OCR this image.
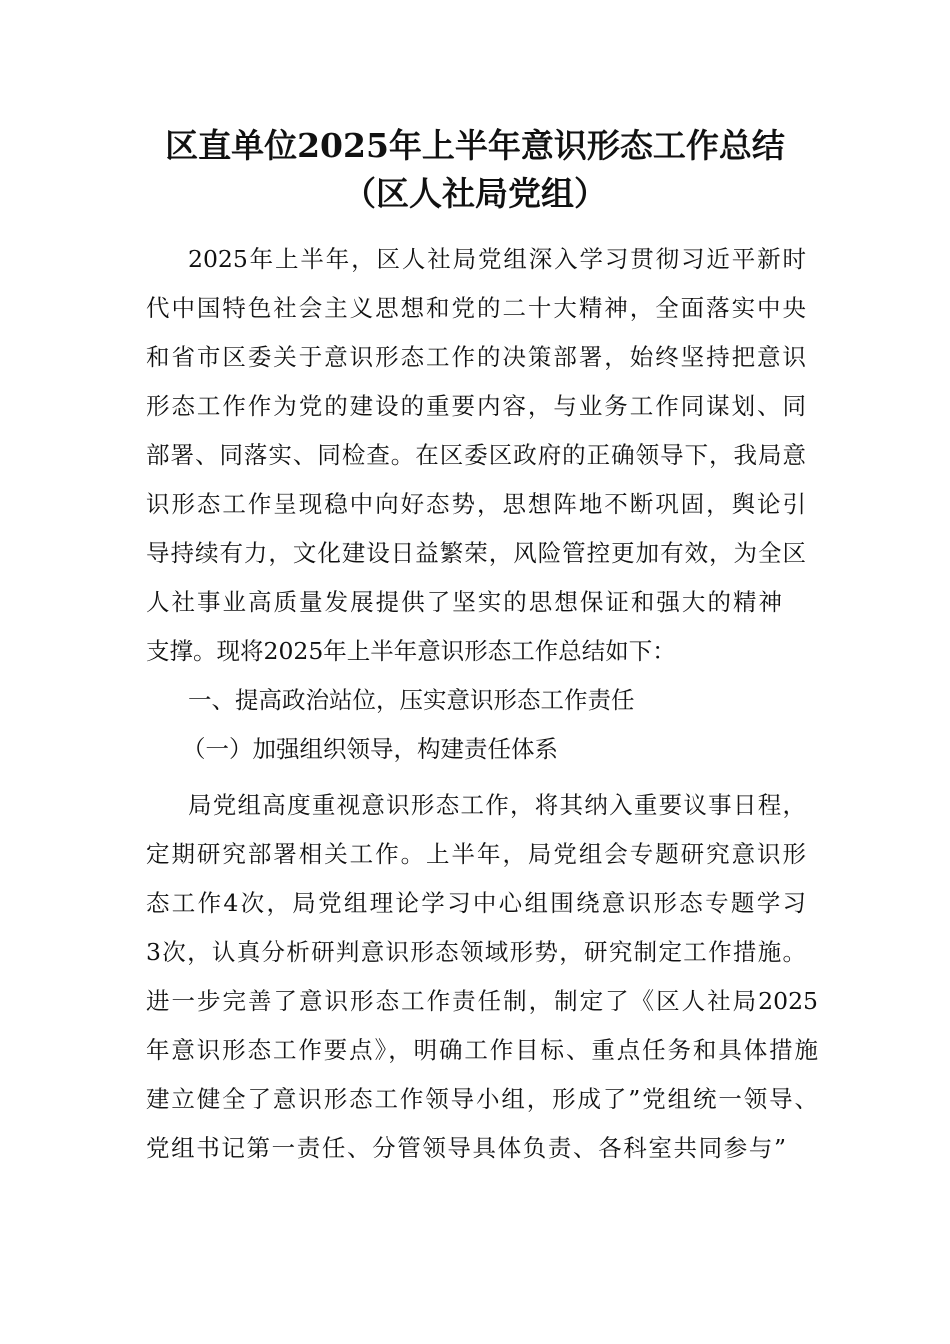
区直单位2025年上半年意识形态工作总结
（区人社局党组）
2025年上半年，区人社局党组深入学习贯彻习近平新时
代中国特色社会主义思想和党的二十大精神，全面落实中央
和省市区委关于意识形态工作的决策部署，始终坚持把意识
形态工作作为党的建设的重要内容，与业务工作同谋划、同
部署、同落实、同检查。在区委区政府的正确领导下，我局意
识形态工作呈现稳中向好态势，思想阵地不断巩固，舆论引
导持续有力，文化建设日益繁荣，风险管控更加有效，为全区
人社事业高质量发展提供了坚实的思想保证和强大的精神
支撑。现将2025年上半年意识形态工作总结如下：
一、提高政治站位，压实意识形态工作责任
（一）加强组织领导，构建责任体系
局党组高度重视意识形态工作，将其纳入重要议事日程，
定期研究部署相关工作。上半年，局党组会专题研究意识形
态工作4次，局党组理论学习中心组围绕意识形态专题学习
3次，认真分析研判意识形态领域形势，研究制定工作措施。
进一步完善了意识形态工作责任制，制定了《区人社局2025
年意识形态工作要点》，明确工作目标、重点任务和具体措施
建立健全了意识形态工作领导小组，形成了”党组统一领导、
党组书记第一责任、分管领导具体负责、各科室共同参与”
